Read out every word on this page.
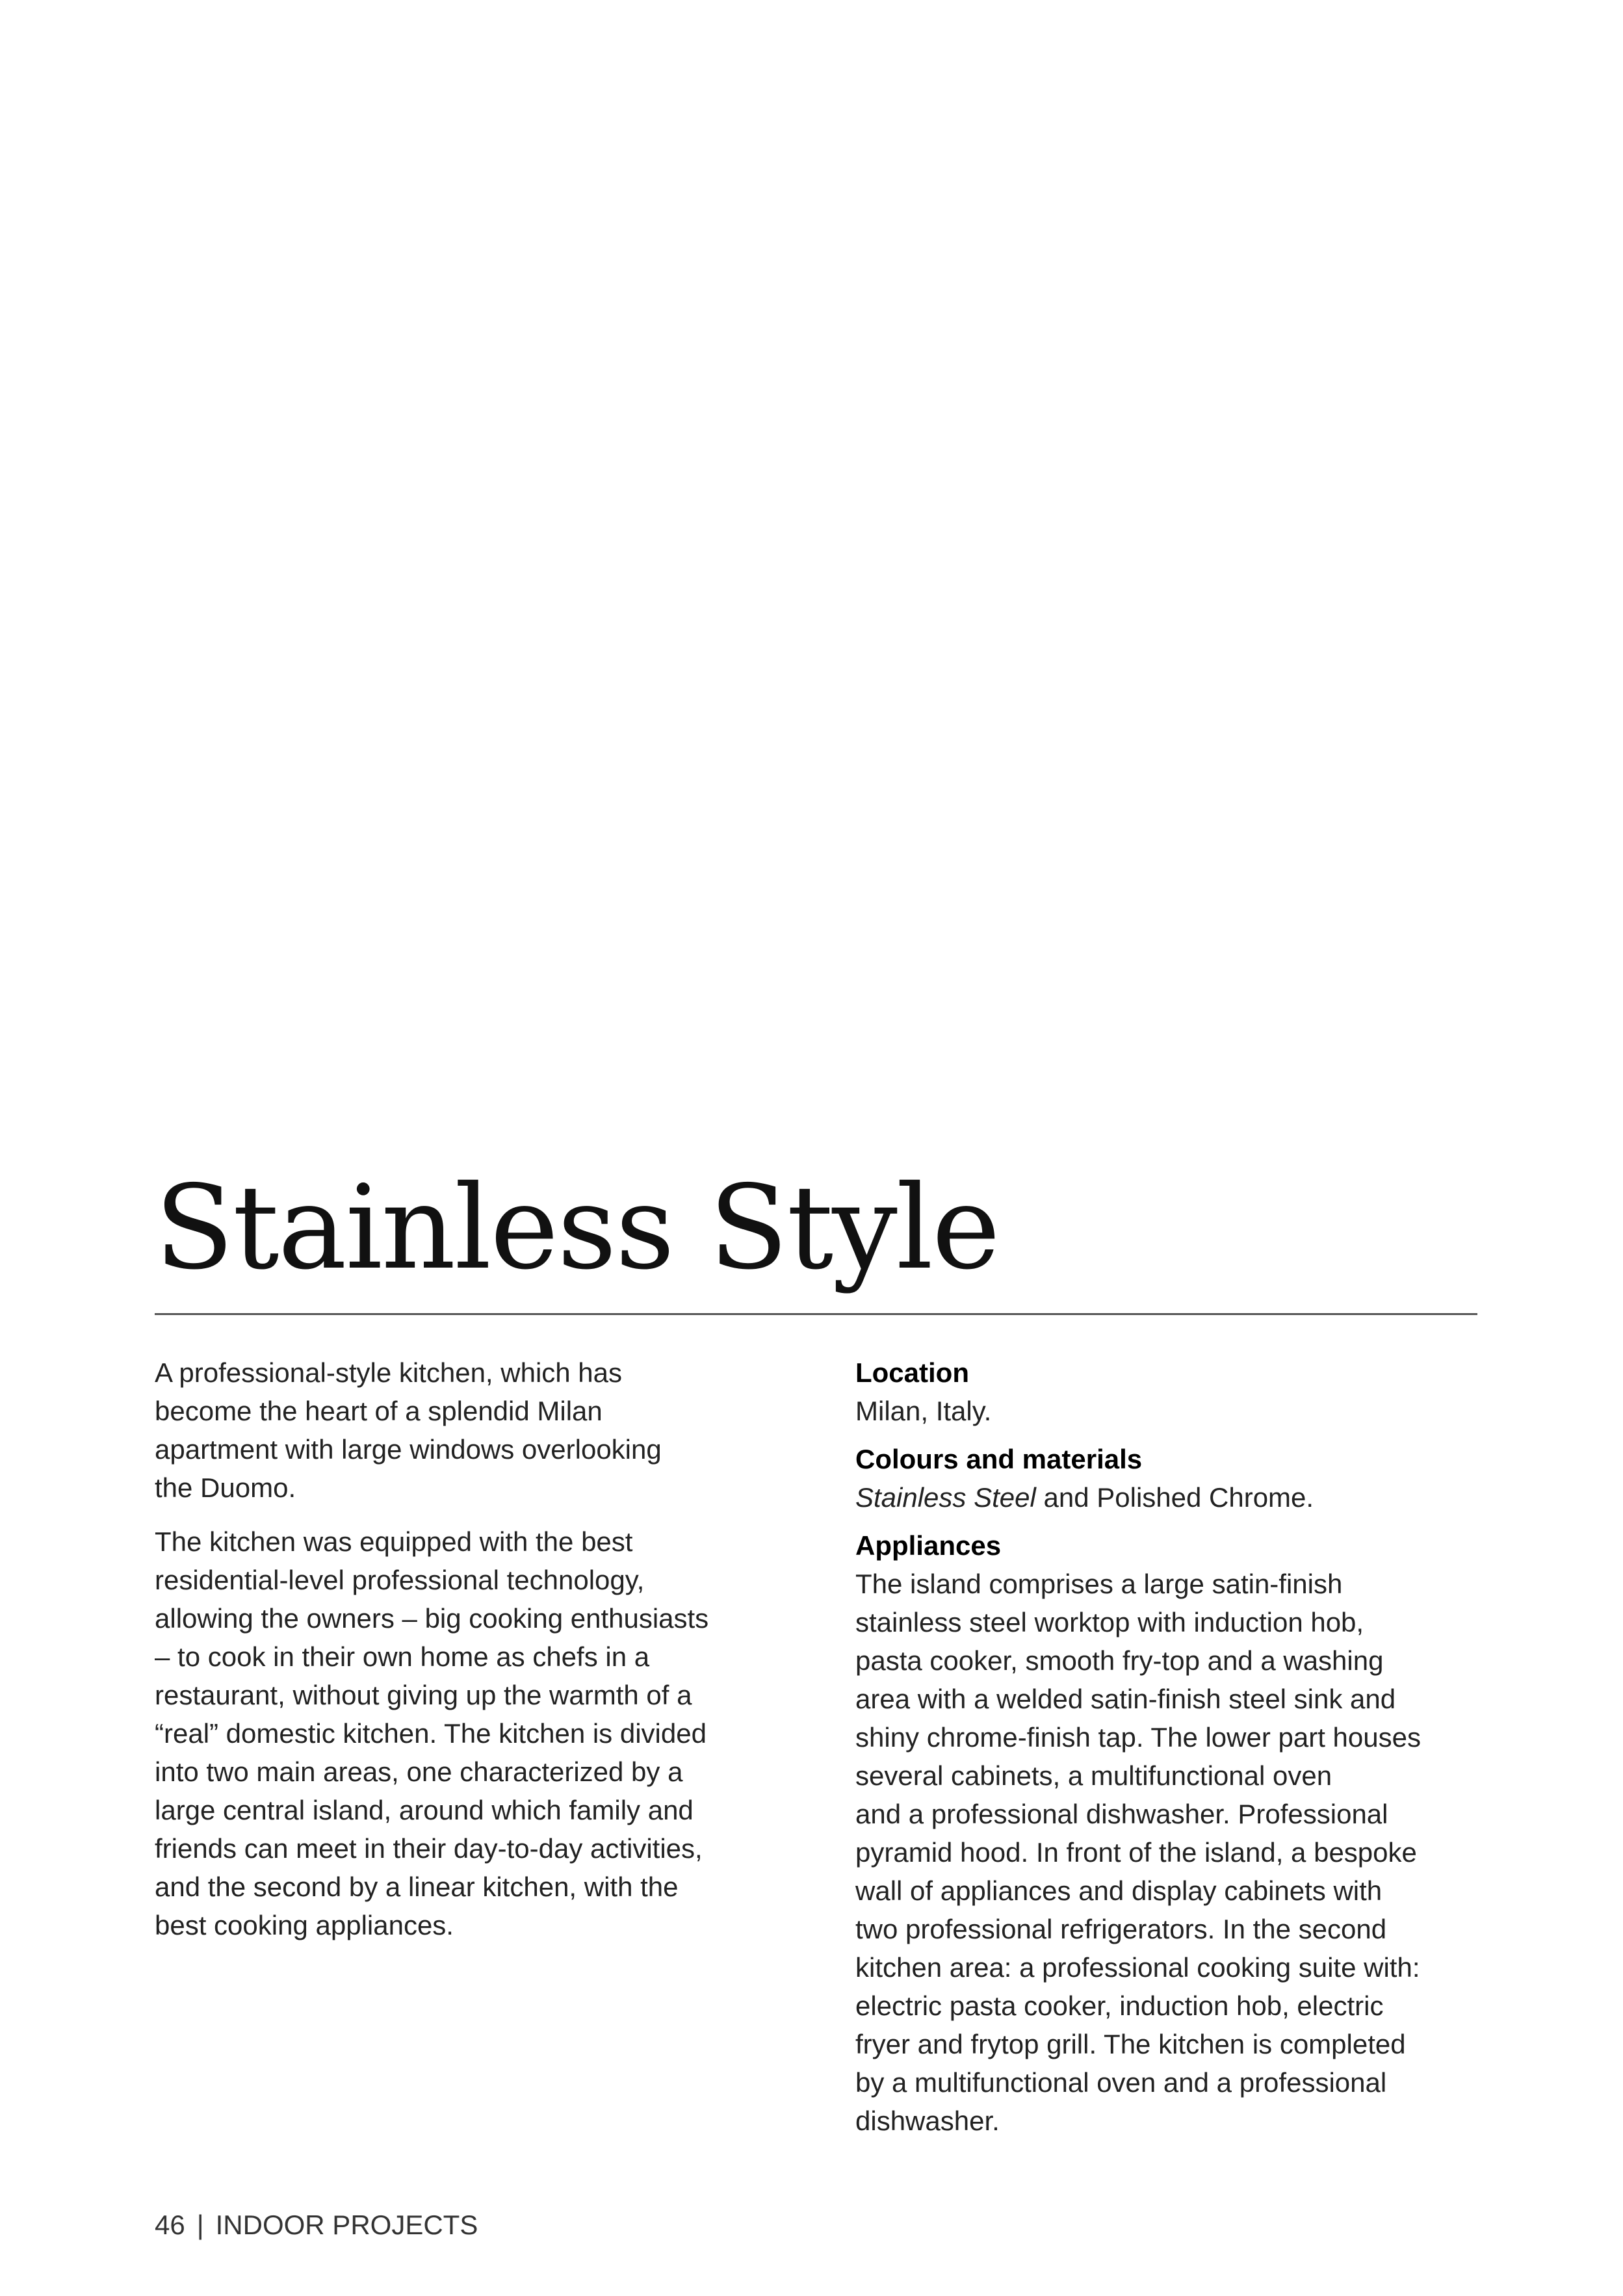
Stainless Style

A professional-style kitchen, which has
become the heart of a splendid Milan
apartment with large windows overlooking
the Duomo.

The kitchen was equipped with the best
residential-level professional technology,
allowing the owners – big cooking enthusiasts
– to cook in their own home as chefs in a
restaurant, without giving up the warmth of a
“real” domestic kitchen. The kitchen is divided
into two main areas, one characterized by a
large central island, around which family and
friends can meet in their day-to-day activities,
and the second by a linear kitchen, with the
best cooking appliances.

Location
Milan, Italy.
Colours and materials
Stainless Steel and Polished Chrome.
Appliances
The island comprises a large satin-finish
stainless steel worktop with induction hob,
pasta cooker, smooth fry-top and a washing
area with a welded satin-finish steel sink and
shiny chrome-finish tap. The lower part houses
several cabinets, a multifunctional oven
and a professional dishwasher. Professional
pyramid hood. In front of the island, a bespoke
wall of appliances and display cabinets with
two professional refrigerators. In the second
kitchen area: a professional cooking suite with:
electric pasta cooker, induction hob, electric
fryer and frytop grill. The kitchen is completed
by a multifunctional oven and a professional
dishwasher.
46 | INDOOR PROJECTS
